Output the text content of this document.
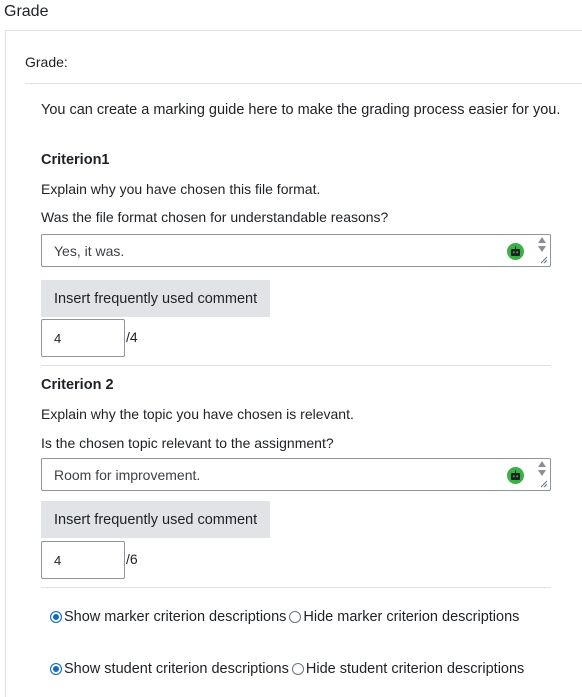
Grade
Grade:
You can create a marking guide here to make the grading process easier for you.
Criterion1
Explain why you have chosen this file format.
Was the file format chosen for understandable reasons?
Yes, it was.
Insert frequently used comment
4
/4
Criterion 2
Explain why the topic you have chosen is relevant.
Is the chosen topic relevant to the assignment?
Room for improvement.
Insert frequently used comment
4
/6
Show marker criterion descriptions Hide marker criterion descriptions
Show student criterion descriptions Hide student criterion descriptions
